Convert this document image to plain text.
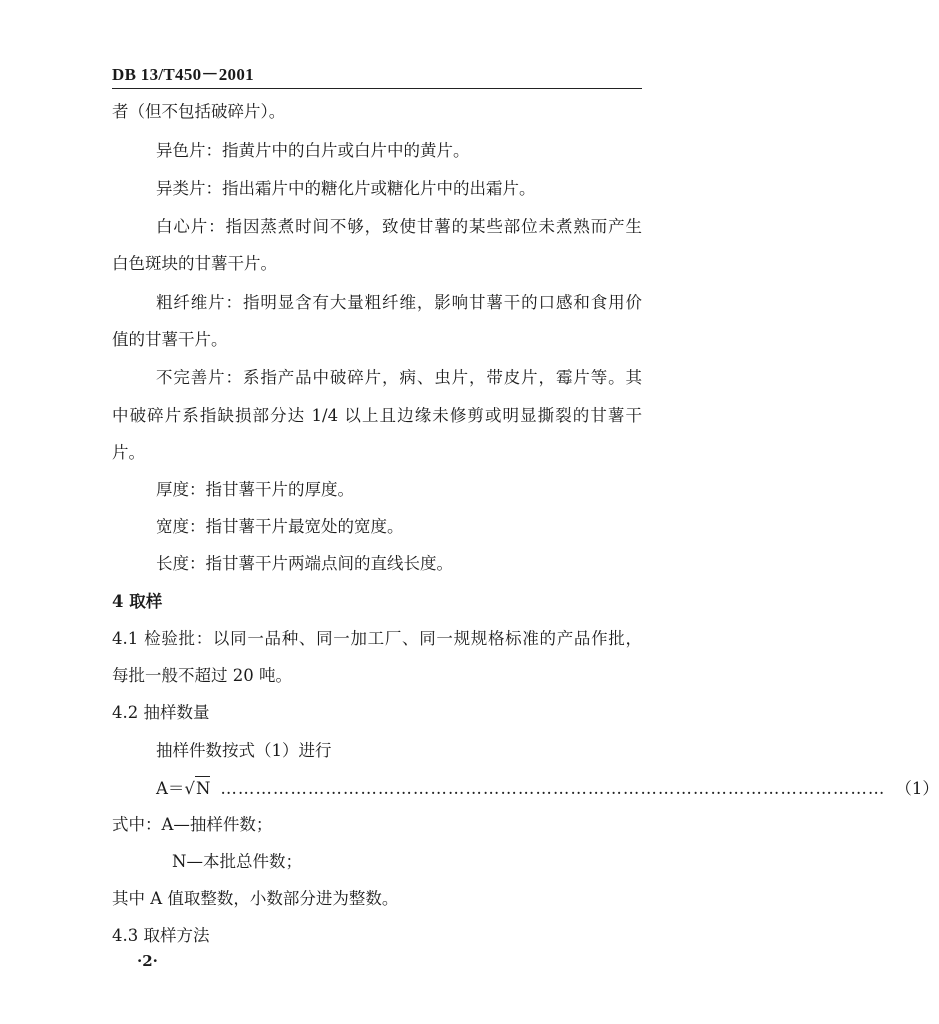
DB 13/T450－2001
者（但不包括破碎片）。
异色片：指黄片中的白片或白片中的黄片。
异类片：指出霜片中的糖化片或糖化片中的出霜片。
白心片：指因蒸煮时间不够，致使甘薯的某些部位未煮熟而产生
白色斑块的甘薯干片。
粗纤维片：指明显含有大量粗纤维，影响甘薯干的口感和食用价
值的甘薯干片。
不完善片：系指产品中破碎片，病、虫片，带皮片，霉片等。其
中破碎片系指缺损部分达 1/4 以上且边缘未修剪或明显撕裂的甘薯干
片。
厚度：指甘薯干片的厚度。
宽度：指甘薯干片最宽处的宽度。
长度：指甘薯干片两端点间的直线长度。
4 取样
4.1 检验批：以同一品种、同一加工厂、同一规规格标准的产品作批，
每批一般不超过 20 吨。
4.2 抽样数量
抽样件数按式（1）进行
A＝ √ N …………………………………………………………………………………………………… （1）
式中：A—抽样件数；
N—本批总件数；
其中 A 值取整数，小数部分进为整数。
4.3 取样方法
·2·
